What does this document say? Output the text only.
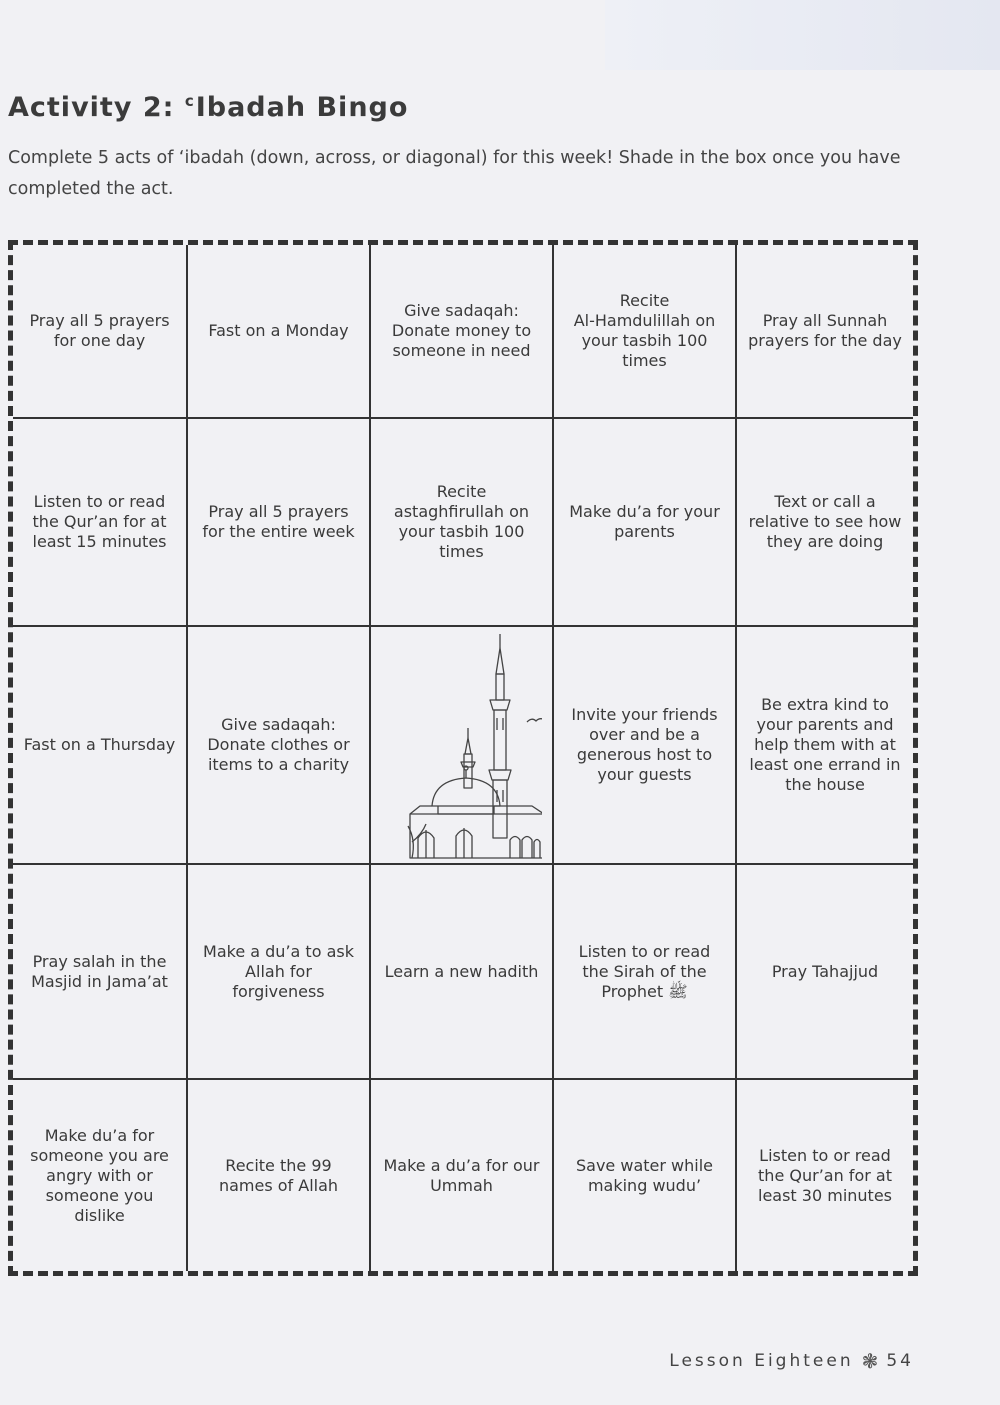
Activity 2: $^c$Ibadah Bingo

Complete 5 acts of ‘ibadah (down, across, or diagonal) for this week! Shade in the box once you have completed the act.

Pray all 5 prayers
for one day
Fast on a Monday
Give sadaqah:
Donate money to
someone in need
Recite
Al-Hamdulillah on
your tasbih 100
times
Pray all Sunnah
prayers for the day
Listen to or read
the Qur’an for at
least 15 minutes
Pray all 5 prayers
for the entire week
Recite
astaghfirullah on
your tasbih 100
times
Make du’a for your
parents
Text or call a
relative to see how
they are doing
Fast on a Thursday
Give sadaqah:
Donate clothes or
items to a charity
Invite your friends
over and be a
generous host to
your guests
Be extra kind to
your parents and
help them with at
least one errand in
the house
Pray salah in the
Masjid in Jama’at
Make a du’a to ask
Allah for
forgiveness
Learn a new hadith
Listen to or read
the Sirah of the
Prophet ﷺ
Pray Tahajjud
Make du’a for
someone you are
angry with or
someone you
dislike
Recite the 99
names of Allah
Make a du’a for our
Ummah
Save water while
making wudu’
Listen to or read
the Qur’an for at
least 30 minutes
Lesson Eighteen ❃ 54
